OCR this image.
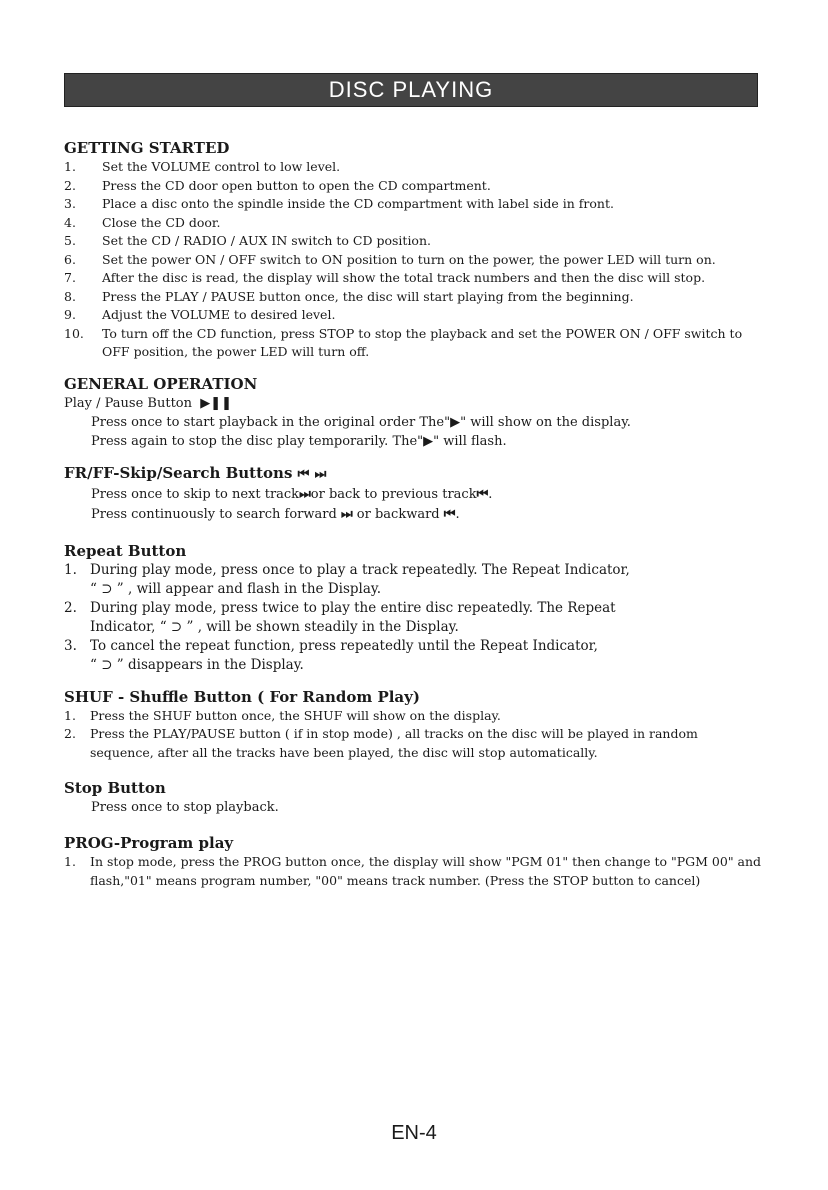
DISC PLAYING
GETTING STARTED
1.	Set the VOLUME control to low level.
2.	Press the CD door open button to open the CD compartment.
3.	Place a disc onto the spindle inside the CD compartment with label side in front.
4.	Close the CD door.
5.	Set the CD / RADIO / AUX IN switch to CD position.
6.	Set the power ON / OFF switch to ON position to turn on the power, the power LED will turn on.
7.	After the disc is read, the display will show the total track numbers and then the disc will stop.
8.	Press the PLAY / PAUSE button once, the disc will start playing from the beginning.
9.	Adjust the VOLUME to desired level.
10.	To turn off the CD function, press STOP to stop the playback and set the POWER ON / OFF switch to OFF position, the power LED will turn off.
GENERAL OPERATION
Play / Pause Button ▶❚❚
Press once to start playback in the original order The"▶" will show on the display.
Press again to stop the disc play temporarily. The"▶" will flash.
FR/FF-Skip/Search Buttons ⏮ ⏭
Press once to skip to next track⏭or back to previous track⏮.
Press continuously to search forward ⏭ or backward ⏮.
Repeat Button
1. During play mode, press once to play a track repeatedly. The Repeat Indicator,
“ ⊃ ” , will appear and flash in the Display.
2. During play mode, press twice to play the entire disc repeatedly. The Repeat
Indicator, “ ⊃ ” , will be shown steadily in the Display.
3. To cancel the repeat function, press repeatedly until the Repeat Indicator,
“ ⊃ ” disappears in the Display.
SHUF - Shuffle Button ( For Random Play)
1.	Press the SHUF button once, the SHUF will show on the display.
2.	Press the PLAY/PAUSE button ( if in stop mode) , all tracks on the disc will be played in random sequence, after all the tracks have been played, the disc will stop automatically.
Stop Button
Press once to stop playback.
PROG-Program play
1.	In stop mode, press the PROG button once, the display will show "PGM 01" then change to "PGM 00" and flash,"01" means program number, "00" means track number. (Press the STOP button to cancel)
EN-4
